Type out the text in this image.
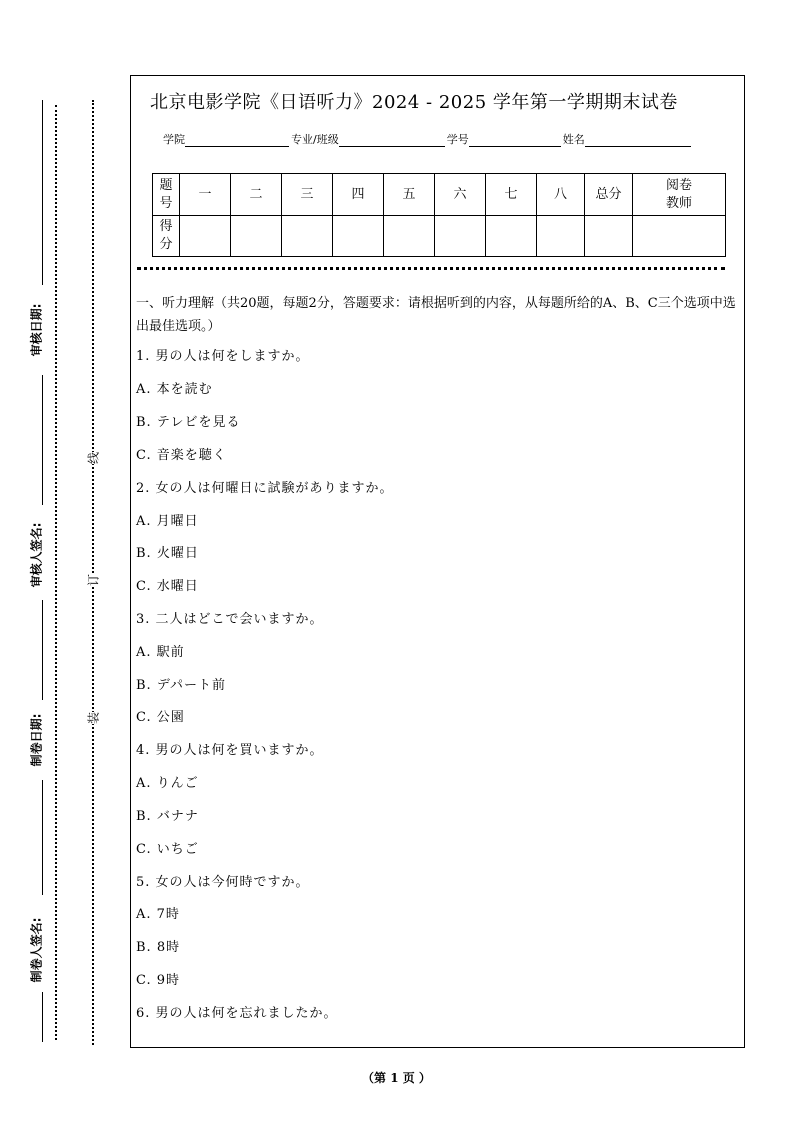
审核日期:
审核人签名:
制卷日期:
制卷人签名:
线
订
装
北京电影学院《日语听力》2024 - 2025 学年第一学期期末试卷
学院	专业/班级	学号	姓名
题号	一	二	三	四	五	六	七	八	总分	阅卷教师
得分										
一、听力理解（共20题，每题2分，答题要求：请根据听到的内容，从每题所给的A、B、C三个选项中选出最佳选项。）
1. 男の人は何をしますか。
A. 本を読む
B. テレビを見る
C. 音楽を聴く
2. 女の人は何曜日に試験がありますか。
A. 月曜日
B. 火曜日
C. 水曜日
3. 二人はどこで会いますか。
A. 駅前
B. デパート前
C. 公園
4. 男の人は何を買いますか。
A. りんご
B. バナナ
C. いちご
5. 女の人は今何時ですか。
A. 7時
B. 8時
C. 9時
6. 男の人は何を忘れましたか。
（第 1 页 ）
